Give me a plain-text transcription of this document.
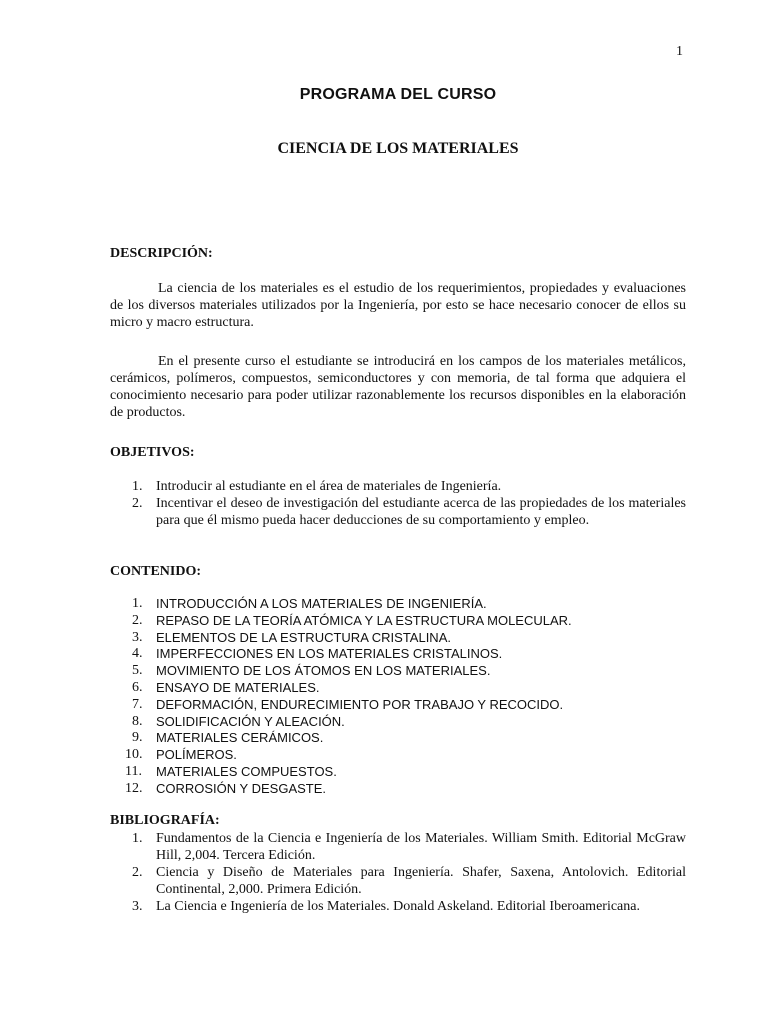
1
PROGRAMA DEL CURSO
CIENCIA DE LOS MATERIALES
DESCRIPCIÓN:
La ciencia de los materiales es el estudio de los requerimientos, propiedades y evaluaciones de los diversos materiales utilizados por la Ingeniería, por esto se hace necesario conocer de ellos su micro y macro estructura.
En el presente curso el estudiante se introducirá en los campos de los materiales metálicos, cerámicos, polímeros, compuestos, semiconductores y con memoria, de tal forma que adquiera el conocimiento necesario para poder utilizar razonablemente los recursos disponibles en la elaboración de productos.
OBJETIVOS:
1. Introducir al estudiante en el área de materiales de Ingeniería.
2. Incentivar el deseo de investigación del estudiante acerca de las propiedades de los materiales para que él mismo pueda hacer deducciones de su comportamiento y empleo.
CONTENIDO:
1. INTRODUCCIÓN A LOS MATERIALES DE INGENIERÍA.
2. REPASO DE LA TEORÍA ATÓMICA Y LA ESTRUCTURA MOLECULAR.
3. ELEMENTOS DE LA ESTRUCTURA CRISTALINA.
4. IMPERFECCIONES EN LOS MATERIALES CRISTALINOS.
5. MOVIMIENTO DE LOS ÁTOMOS EN LOS MATERIALES.
6. ENSAYO DE MATERIALES.
7. DEFORMACIÓN, ENDURECIMIENTO POR TRABAJO Y RECOCIDO.
8. SOLIDIFICACIÓN Y ALEACIÓN.
9. MATERIALES CERÁMICOS.
10. POLÍMEROS.
11. MATERIALES COMPUESTOS.
12. CORROSIÓN Y DESGASTE.
BIBLIOGRAFÍA:
1. Fundamentos de la Ciencia e Ingeniería de los Materiales. William Smith. Editorial McGraw Hill, 2,004. Tercera Edición.
2. Ciencia y Diseño de Materiales para Ingeniería. Shafer, Saxena, Antolovich. Editorial Continental, 2,000. Primera Edición.
3. La Ciencia e Ingeniería de los Materiales. Donald Askeland. Editorial Iberoamericana.
